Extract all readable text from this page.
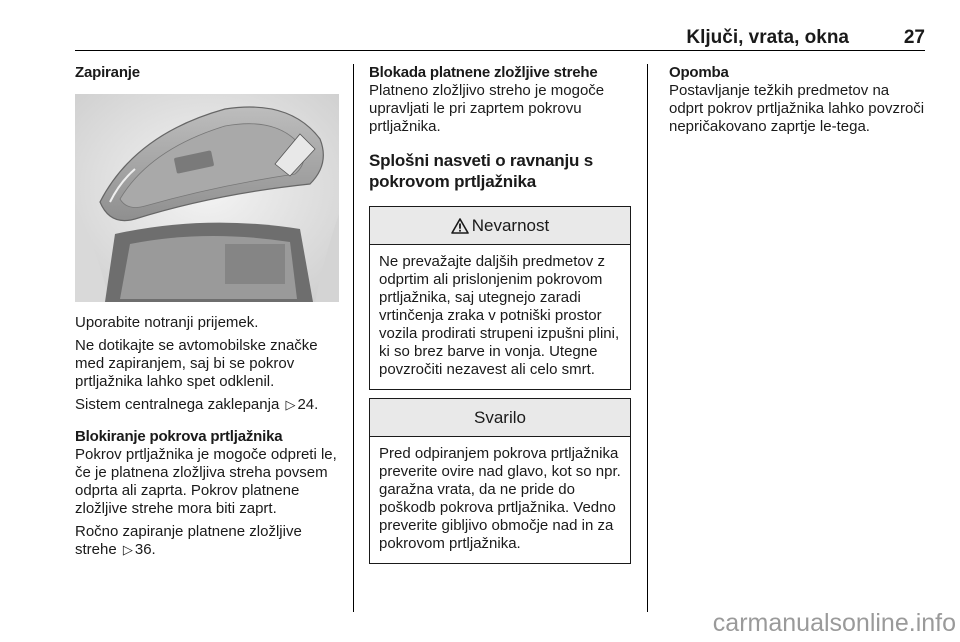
Ključi, vrata, okna	27
Zapiranje

Uporabite notranji prijemek.

Ne dotikajte se avtomobilske značke med zapiranjem, saj bi se pokrov prtljažnika lahko spet odklenil.

Sistem centralnega zaklepanja ▷ 24.

Blokiranje pokrova prtljažnika

Pokrov prtljažnika je mogoče odpreti le, če je platnena zložljiva streha povsem odprta ali zaprta. Pokrov platnene zložljive strehe mora biti zaprt.

Ročno zapiranje platnene zložljive strehe ▷ 36.

Blokada platnene zložljive strehe

Platneno zložljivo streho je mogoče upravljati le pri zaprtem pokrovu prtljažnika.

Splošni nasveti o ravnanju s pokrovom prtljažnika
Nevarnost
Ne prevažajte daljših predmetov z odprtim ali prislonjenim pokrovom prtljažnika, saj utegnejo zaradi vrtinčenja zraka v potniški prostor vozila prodirati strupeni izpušni plini, ki so brez barve in vonja. Utegne povzročiti nezavest ali celo smrt.
Svarilo
Pred odpiranjem pokrova prtljažnika preverite ovire nad glavo, kot so npr. garažna vrata, da ne pride do poškodb pokrova prtljažnika. Vedno preverite gibljivo območje nad in za pokrovom prtljažnika.
Opomba

Postavljanje težkih predmetov na odprt pokrov prtljažnika lahko povzroči nepričakovano zaprtje le-tega.

carmanualsonline.info
